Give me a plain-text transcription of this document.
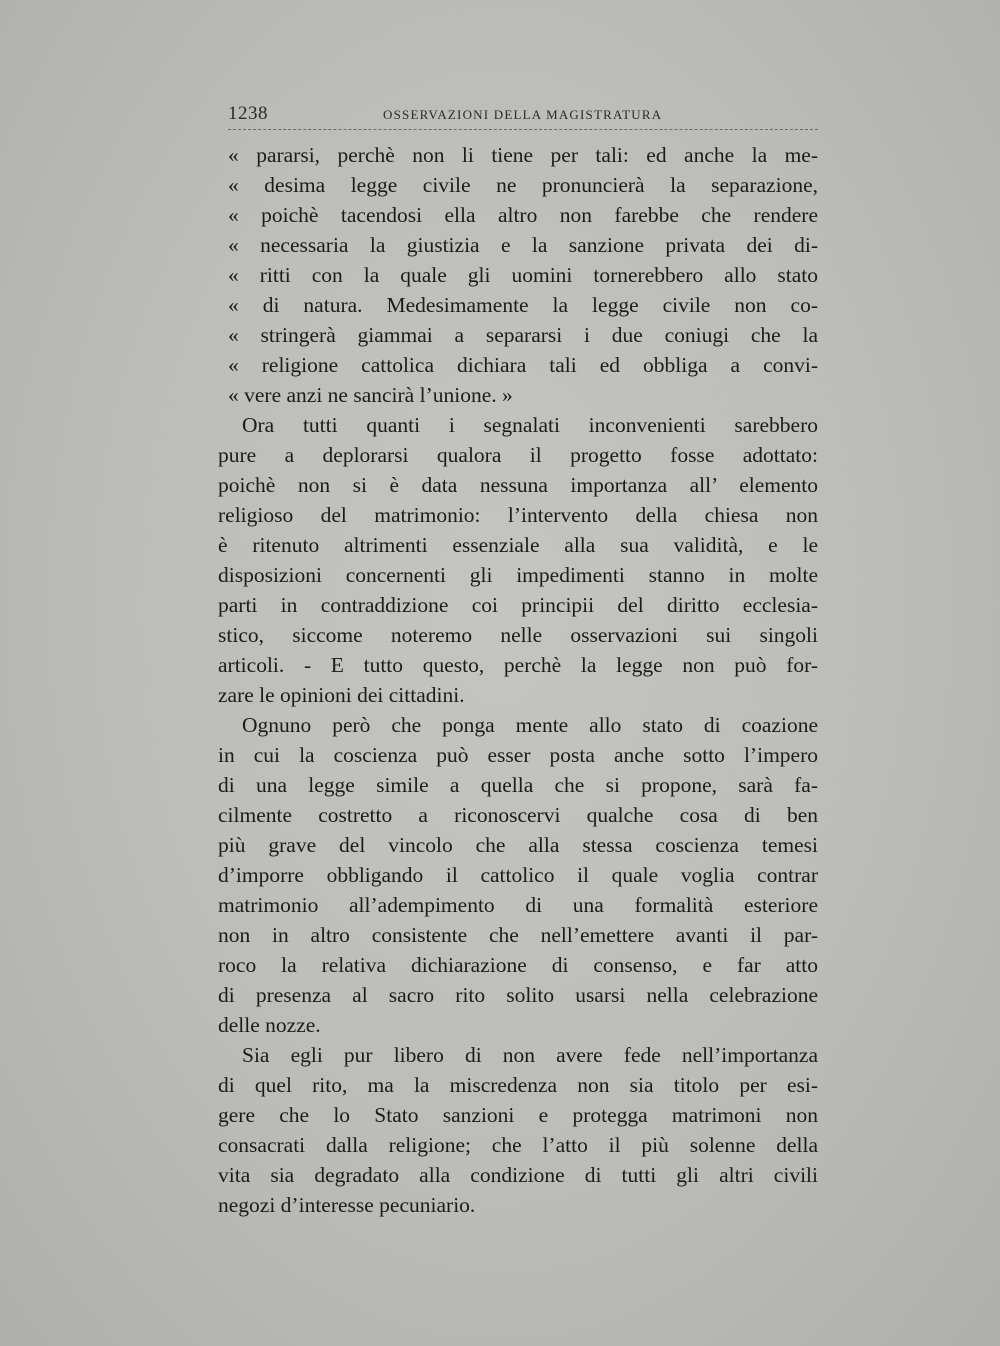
1238	OSSERVAZIONI DELLA MAGISTRATURA
« pararsi, perchè non li tiene per tali: ed anche la me-
« desima legge civile ne pronuncierà la separazione,
« poichè tacendosi ella altro non farebbe che rendere
« necessaria la giustizia e la sanzione privata dei di-
« ritti con la quale gli uomini tornerebbero allo stato
« di natura. Medesimamente la legge civile non co-
« stringerà giammai a separarsi i due coniugi che la
« religione cattolica dichiara tali ed obbliga a convi-
« vere anzi ne sancirà l’unione. »
Ora tutti quanti i segnalati inconvenienti sarebbero
pure a deplorarsi qualora il progetto fosse adottato:
poichè non si è data nessuna importanza all’ elemento
religioso del matrimonio: l’intervento della chiesa non
è ritenuto altrimenti essenziale alla sua validità, e le
disposizioni concernenti gli impedimenti stanno in molte
parti in contraddizione coi principii del diritto ecclesia-
stico, siccome noteremo nelle osservazioni sui singoli
articoli. - E tutto questo, perchè la legge non può for-
zare le opinioni dei cittadini.
Ognuno però che ponga mente allo stato di coazione
in cui la coscienza può esser posta anche sotto l’impero
di una legge simile a quella che si propone, sarà fa-
cilmente costretto a riconoscervi qualche cosa di ben
più grave del vincolo che alla stessa coscienza temesi
d’imporre obbligando il cattolico il quale voglia contrar
matrimonio all’adempimento di una formalità esteriore
non in altro consistente che nell’emettere avanti il par-
roco la relativa dichiarazione di consenso, e far atto
di presenza al sacro rito solito usarsi nella celebrazione
delle nozze.
Sia egli pur libero di non avere fede nell’importanza
di quel rito, ma la miscredenza non sia titolo per esi-
gere che lo Stato sanzioni e protegga matrimoni non
consacrati dalla religione; che l’atto il più solenne della
vita sia degradato alla condizione di tutti gli altri civili
negozi d’interesse pecuniario.
